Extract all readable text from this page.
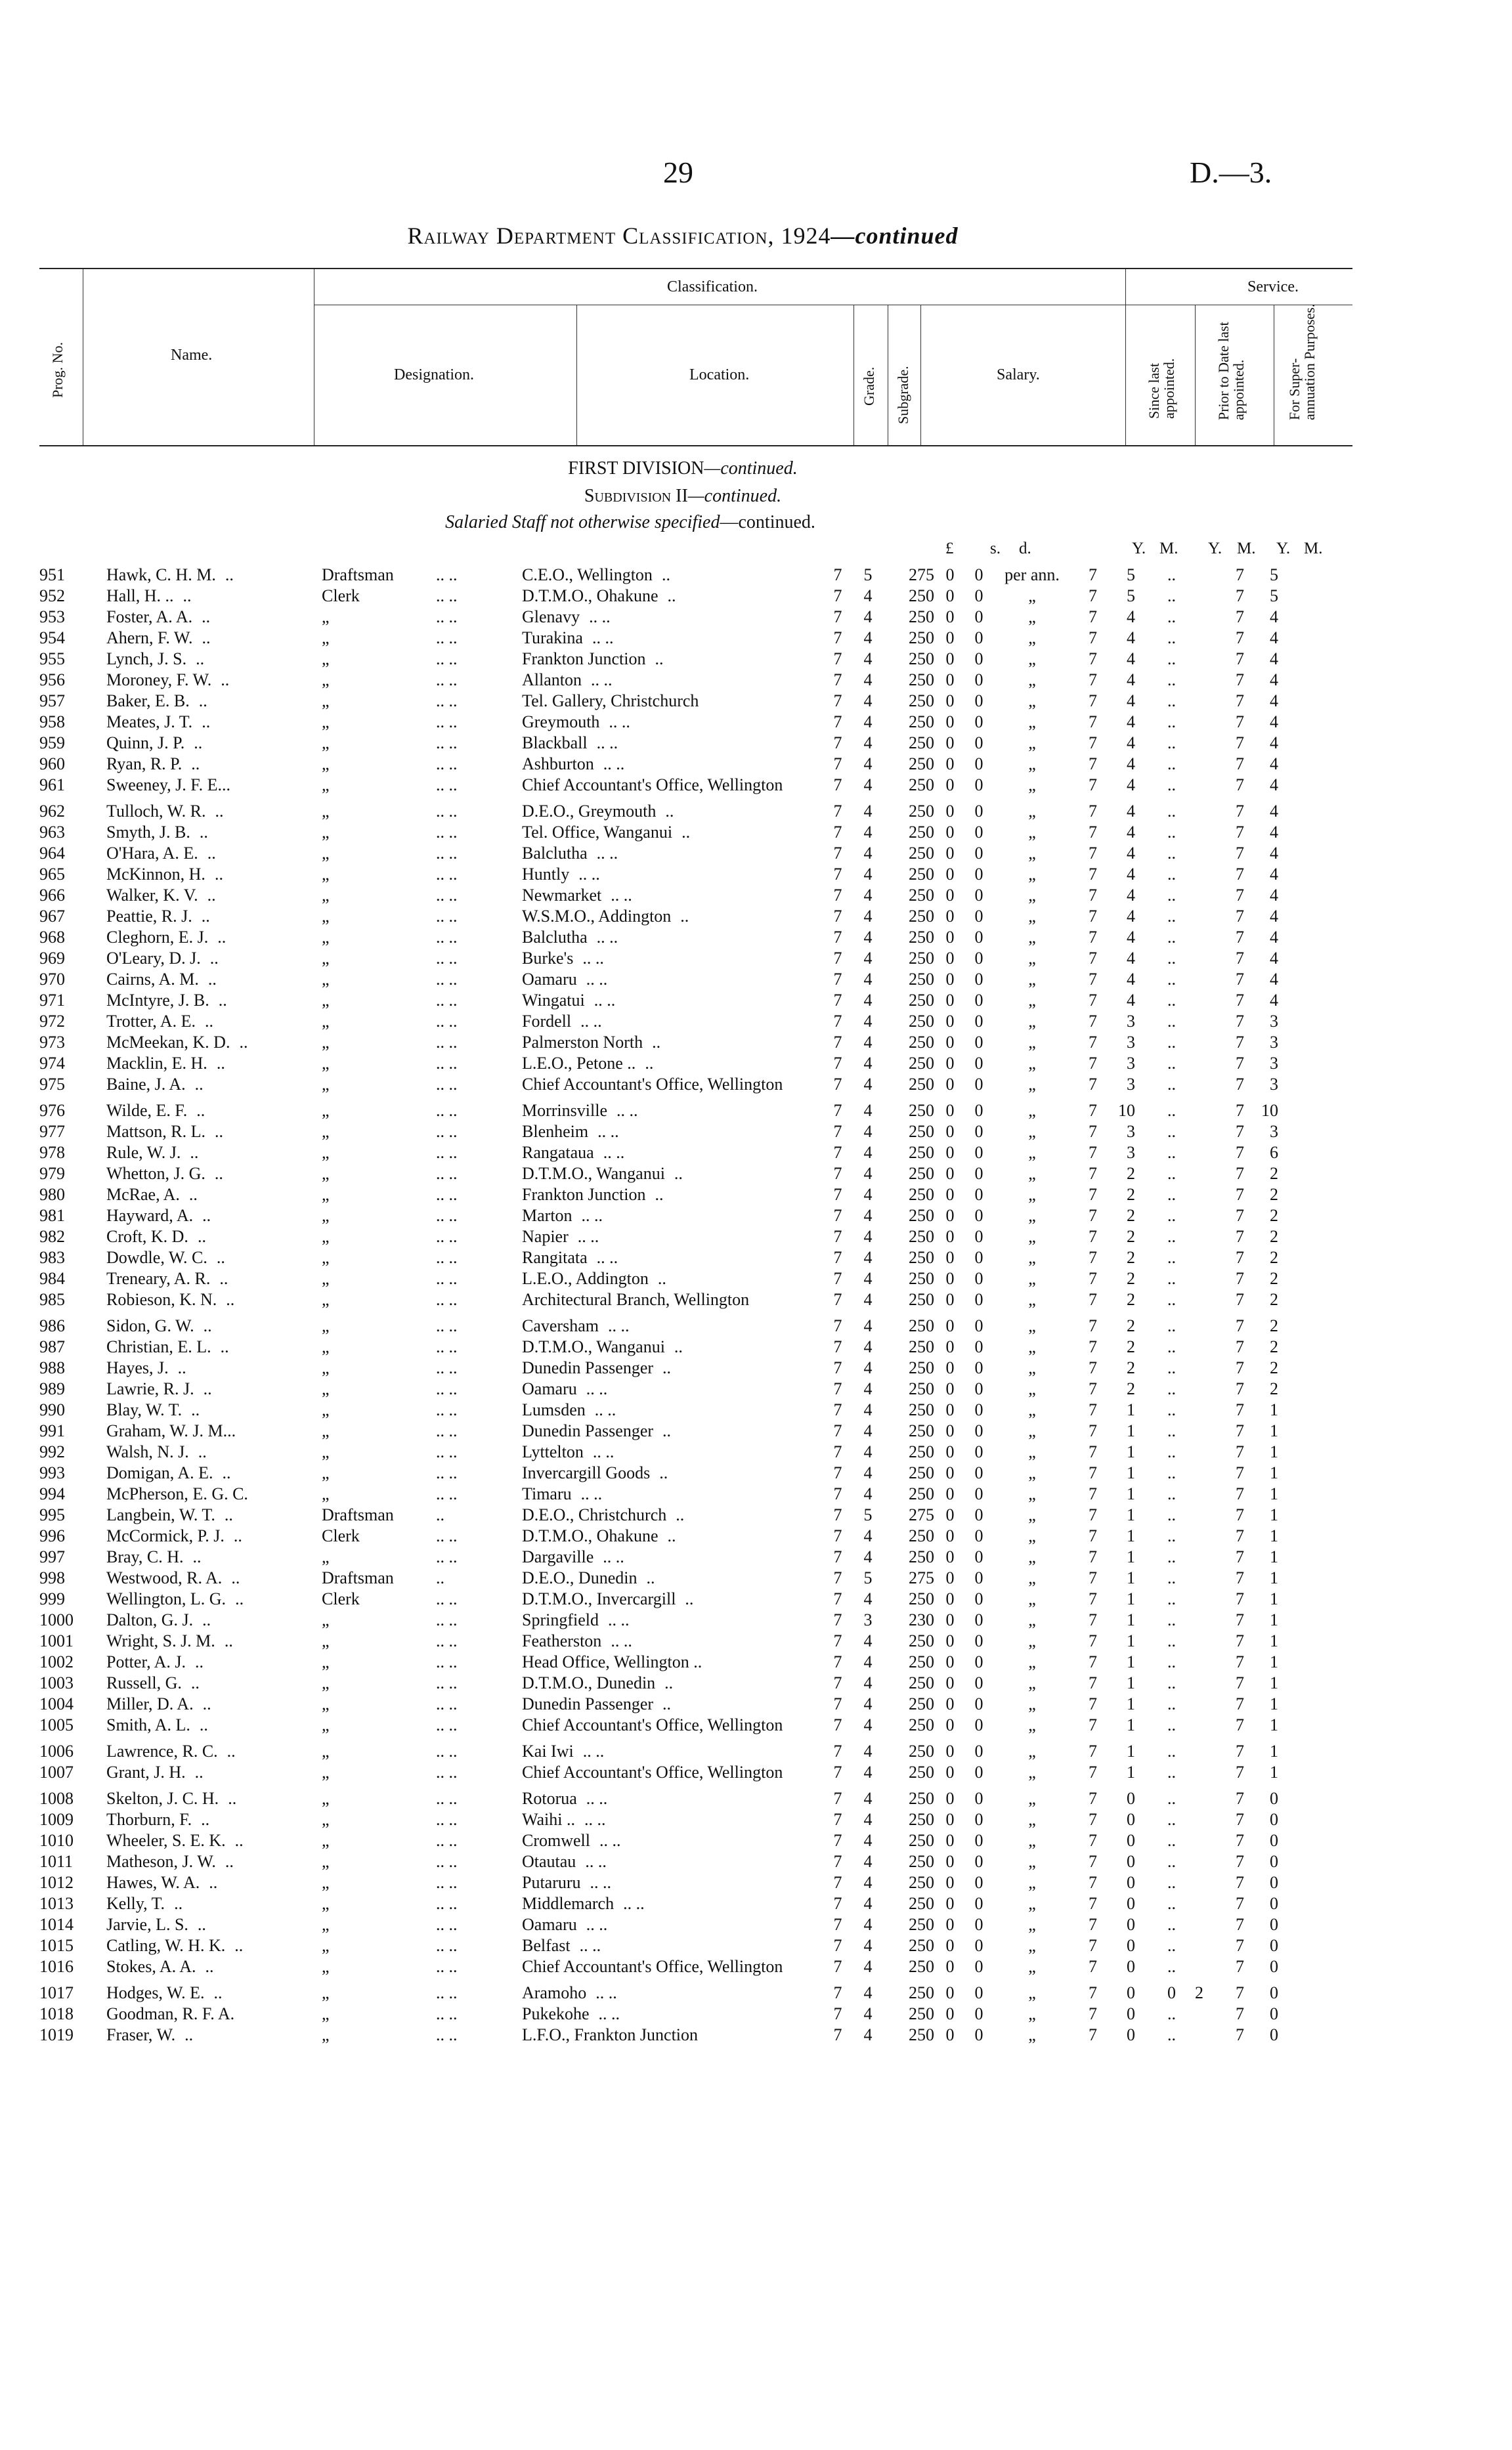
29	D.—3.
Railway Department Classification, 1924—continued
Prog. No.	Name.
Classification.	Service.
Designation.	Location.	Grade. Subgrade.	Salary.	Since last appointed.	Prior to Date last appointed.	For Super-annuation Purposes.
FIRST DIVISION—continued.
Subdivision II—continued.
Salaried Staff not otherwise specified—continued.
£ s. d.	Y. M. Y. M. Y. M.
951	Hawk, C. H. M. ..	Draftsman	.. ..	C.E.O., Wellington ..	7	5	275	0	0	per ann.	7	5	..		7	5
952	Hall, H. .. ..	Clerk	.. ..	D.T.M.O., Ohakune ..	7	4	250	0	0	„	7	5	..		7	5
953	Foster, A. A. ..	„	.. ..	Glenavy .. ..	7	4	250	0	0	„	7	4	..		7	4
954	Ahern, F. W. ..	„	.. ..	Turakina .. ..	7	4	250	0	0	„	7	4	..		7	4
955	Lynch, J. S. ..	„	.. ..	Frankton Junction ..	7	4	250	0	0	„	7	4	..		7	4
956	Moroney, F. W. ..	„	.. ..	Allanton .. ..	7	4	250	0	0	„	7	4	..		7	4
957	Baker, E. B. ..	„	.. ..	Tel. Gallery, Christchurch	7	4	250	0	0	„	7	4	..		7	4
958	Meates, J. T. ..	„	.. ..	Greymouth .. ..	7	4	250	0	0	„	7	4	..		7	4
959	Quinn, J. P. ..	„	.. ..	Blackball .. ..	7	4	250	0	0	„	7	4	..		7	4
960	Ryan, R. P. ..	„	.. ..	Ashburton .. ..	7	4	250	0	0	„	7	4	..		7	4
961	Sweeney, J. F. E...	„	.. ..	Chief Accountant's Office, Wellington	7	4	250	0	0	„	7	4	..		7	4
962	Tulloch, W. R. ..	„	.. ..	D.E.O., Greymouth ..	7	4	250	0	0	„	7	4	..		7	4
963	Smyth, J. B. ..	„	.. ..	Tel. Office, Wanganui ..	7	4	250	0	0	„	7	4	..		7	4
964	O'Hara, A. E. ..	„	.. ..	Balclutha .. ..	7	4	250	0	0	„	7	4	..		7	4
965	McKinnon, H. ..	„	.. ..	Huntly .. ..	7	4	250	0	0	„	7	4	..		7	4
966	Walker, K. V. ..	„	.. ..	Newmarket .. ..	7	4	250	0	0	„	7	4	..		7	4
967	Peattie, R. J. ..	„	.. ..	W.S.M.O., Addington ..	7	4	250	0	0	„	7	4	..		7	4
968	Cleghorn, E. J. ..	„	.. ..	Balclutha .. ..	7	4	250	0	0	„	7	4	..		7	4
969	O'Leary, D. J. ..	„	.. ..	Burke's .. ..	7	4	250	0	0	„	7	4	..		7	4
970	Cairns, A. M. ..	„	.. ..	Oamaru .. ..	7	4	250	0	0	„	7	4	..		7	4
971	McIntyre, J. B. ..	„	.. ..	Wingatui .. ..	7	4	250	0	0	„	7	4	..		7	4
972	Trotter, A. E. ..	„	.. ..	Fordell .. ..	7	4	250	0	0	„	7	3	..		7	3
973	McMeekan, K. D. ..	„	.. ..	Palmerston North ..	7	4	250	0	0	„	7	3	..		7	3
974	Macklin, E. H. ..	„	.. ..	L.E.O., Petone .. ..	7	4	250	0	0	„	7	3	..		7	3
975	Baine, J. A. ..	„	.. ..	Chief Accountant's Office, Wellington	7	4	250	0	0	„	7	3	..		7	3
976	Wilde, E. F. ..	„	.. ..	Morrinsville .. ..	7	4	250	0	0	„	7	10	..		7	10
977	Mattson, R. L. ..	„	.. ..	Blenheim .. ..	7	4	250	0	0	„	7	3	..		7	3
978	Rule, W. J. ..	„	.. ..	Rangataua .. ..	7	4	250	0	0	„	7	3	..		7	6
979	Whetton, J. G. ..	„	.. ..	D.T.M.O., Wanganui ..	7	4	250	0	0	„	7	2	..		7	2
980	McRae, A. ..	„	.. ..	Frankton Junction ..	7	4	250	0	0	„	7	2	..		7	2
981	Hayward, A. ..	„	.. ..	Marton .. ..	7	4	250	0	0	„	7	2	..		7	2
982	Croft, K. D. ..	„	.. ..	Napier .. ..	7	4	250	0	0	„	7	2	..		7	2
983	Dowdle, W. C. ..	„	.. ..	Rangitata .. ..	7	4	250	0	0	„	7	2	..		7	2
984	Treneary, A. R. ..	„	.. ..	L.E.O., Addington ..	7	4	250	0	0	„	7	2	..		7	2
985	Robieson, K. N. ..	„	.. ..	Architectural Branch, Wellington	7	4	250	0	0	„	7	2	..		7	2
986	Sidon, G. W. ..	„	.. ..	Caversham .. ..	7	4	250	0	0	„	7	2	..		7	2
987	Christian, E. L. ..	„	.. ..	D.T.M.O., Wanganui ..	7	4	250	0	0	„	7	2	..		7	2
988	Hayes, J. ..	„	.. ..	Dunedin Passenger ..	7	4	250	0	0	„	7	2	..		7	2
989	Lawrie, R. J. ..	„	.. ..	Oamaru .. ..	7	4	250	0	0	„	7	2	..		7	2
990	Blay, W. T. ..	„	.. ..	Lumsden .. ..	7	4	250	0	0	„	7	1	..		7	1
991	Graham, W. J. M...	„	.. ..	Dunedin Passenger ..	7	4	250	0	0	„	7	1	..		7	1
992	Walsh, N. J. ..	„	.. ..	Lyttelton .. ..	7	4	250	0	0	„	7	1	..		7	1
993	Domigan, A. E. ..	„	.. ..	Invercargill Goods ..	7	4	250	0	0	„	7	1	..		7	1
994	McPherson, E. G. C.	„	.. ..	Timaru .. ..	7	4	250	0	0	„	7	1	..		7	1
995	Langbein, W. T. ..	Draftsman	..	D.E.O., Christchurch ..	7	5	275	0	0	„	7	1	..		7	1
996	McCormick, P. J. ..	Clerk	.. ..	D.T.M.O., Ohakune ..	7	4	250	0	0	„	7	1	..		7	1
997	Bray, C. H. ..	„	.. ..	Dargaville .. ..	7	4	250	0	0	„	7	1	..		7	1
998	Westwood, R. A. ..	Draftsman	..	D.E.O., Dunedin ..	7	5	275	0	0	„	7	1	..		7	1
999	Wellington, L. G. ..	Clerk	.. ..	D.T.M.O., Invercargill ..	7	4	250	0	0	„	7	1	..		7	1
1000	Dalton, G. J. ..	„	.. ..	Springfield .. ..	7	3	230	0	0	„	7	1	..		7	1
1001	Wright, S. J. M. ..	„	.. ..	Featherston .. ..	7	4	250	0	0	„	7	1	..		7	1
1002	Potter, A. J. ..	„	.. ..	Head Office, Wellington ..	7	4	250	0	0	„	7	1	..		7	1
1003	Russell, G. ..	„	.. ..	D.T.M.O., Dunedin ..	7	4	250	0	0	„	7	1	..		7	1
1004	Miller, D. A. ..	„	.. ..	Dunedin Passenger ..	7	4	250	0	0	„	7	1	..		7	1
1005	Smith, A. L. ..	„	.. ..	Chief Accountant's Office, Wellington	7	4	250	0	0	„	7	1	..		7	1
1006	Lawrence, R. C. ..	„	.. ..	Kai Iwi .. ..	7	4	250	0	0	„	7	1	..		7	1
1007	Grant, J. H. ..	„	.. ..	Chief Accountant's Office, Wellington	7	4	250	0	0	„	7	1	..		7	1
1008	Skelton, J. C. H. ..	„	.. ..	Rotorua .. ..	7	4	250	0	0	„	7	0	..		7	0
1009	Thorburn, F. ..	„	.. ..	Waihi .. .. ..	7	4	250	0	0	„	7	0	..		7	0
1010	Wheeler, S. E. K. ..	„	.. ..	Cromwell .. ..	7	4	250	0	0	„	7	0	..		7	0
1011	Matheson, J. W. ..	„	.. ..	Otautau .. ..	7	4	250	0	0	„	7	0	..		7	0
1012	Hawes, W. A. ..	„	.. ..	Putaruru .. ..	7	4	250	0	0	„	7	0	..		7	0
1013	Kelly, T. ..	„	.. ..	Middlemarch .. ..	7	4	250	0	0	„	7	0	..		7	0
1014	Jarvie, L. S. ..	„	.. ..	Oamaru .. ..	7	4	250	0	0	„	7	0	..		7	0
1015	Catling, W. H. K. ..	„	.. ..	Belfast .. ..	7	4	250	0	0	„	7	0	..		7	0
1016	Stokes, A. A. ..	„	.. ..	Chief Accountant's Office, Wellington	7	4	250	0	0	„	7	0	..		7	0
1017	Hodges, W. E. ..	„	.. ..	Aramoho .. ..	7	4	250	0	0	„	7	0	0	2	7	0
1018	Goodman, R. F. A.	„	.. ..	Pukekohe .. ..	7	4	250	0	0	„	7	0	..		7	0
1019	Fraser, W. ..	„	.. ..	L.F.O., Frankton Junction	7	4	250	0	0	„	7	0	..		7	0
